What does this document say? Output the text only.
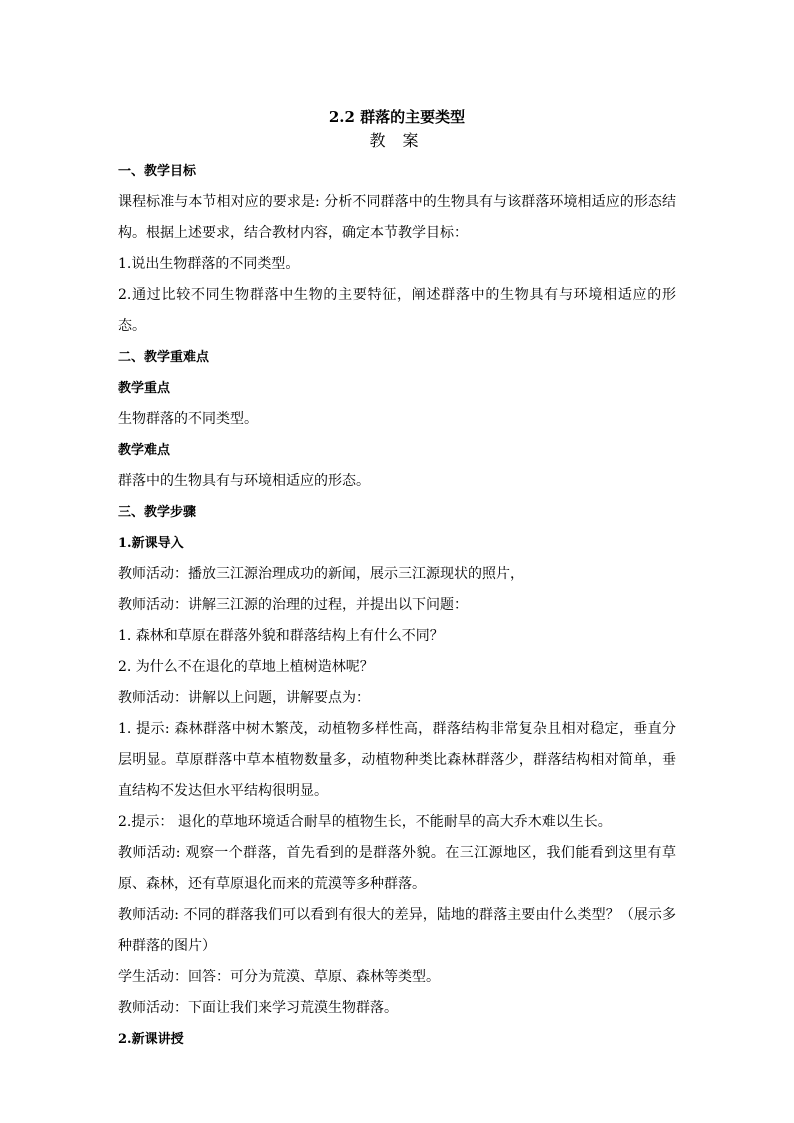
2.2 群落的主要类型

教 案

一、教学目标

课程标准与本节相对应的要求是: 分析不同群落中的生物具有与该群落环境相适应的形态结构。根据上述要求，结合教材内容，确定本节教学目标：

1.说出生物群落的不同类型。

2.通过比较不同生物群落中生物的主要特征，阐述群落中的生物具有与环境相适应的形态。

二、教学重难点

教学重点

生物群落的不同类型。

教学难点

群落中的生物具有与环境相适应的形态。

三、教学步骤

1.新课导入

教师活动：播放三江源治理成功的新闻，展示三江源现状的照片，

教师活动：讲解三江源的治理的过程，并提出以下问题：

1. 森林和草原在群落外貌和群落结构上有什么不同？

2. 为什么不在退化的草地上植树造林呢？

教师活动：讲解以上问题，讲解要点为：

1. 提示: 森林群落中树木繁茂，动植物多样性高，群落结构非常复杂且相对稳定，垂直分层明显。草原群落中草本植物数量多，动植物种类比森林群落少，群落结构相对简单，垂直结构不发达但水平结构很明显。

2.提示： 退化的草地环境适合耐旱的植物生长，不能耐旱的高大乔木难以生长。

教师活动: 观察一个群落，首先看到的是群落外貌。在三江源地区，我们能看到这里有草原、森林，还有草原退化而来的荒漠等多种群落。

教师活动: 不同的群落我们可以看到有很大的差异，陆地的群落主要由什么类型？（展示多种群落的图片）

学生活动：回答：可分为荒漠、草原、森林等类型。

教师活动：下面让我们来学习荒漠生物群落。

2.新课讲授
